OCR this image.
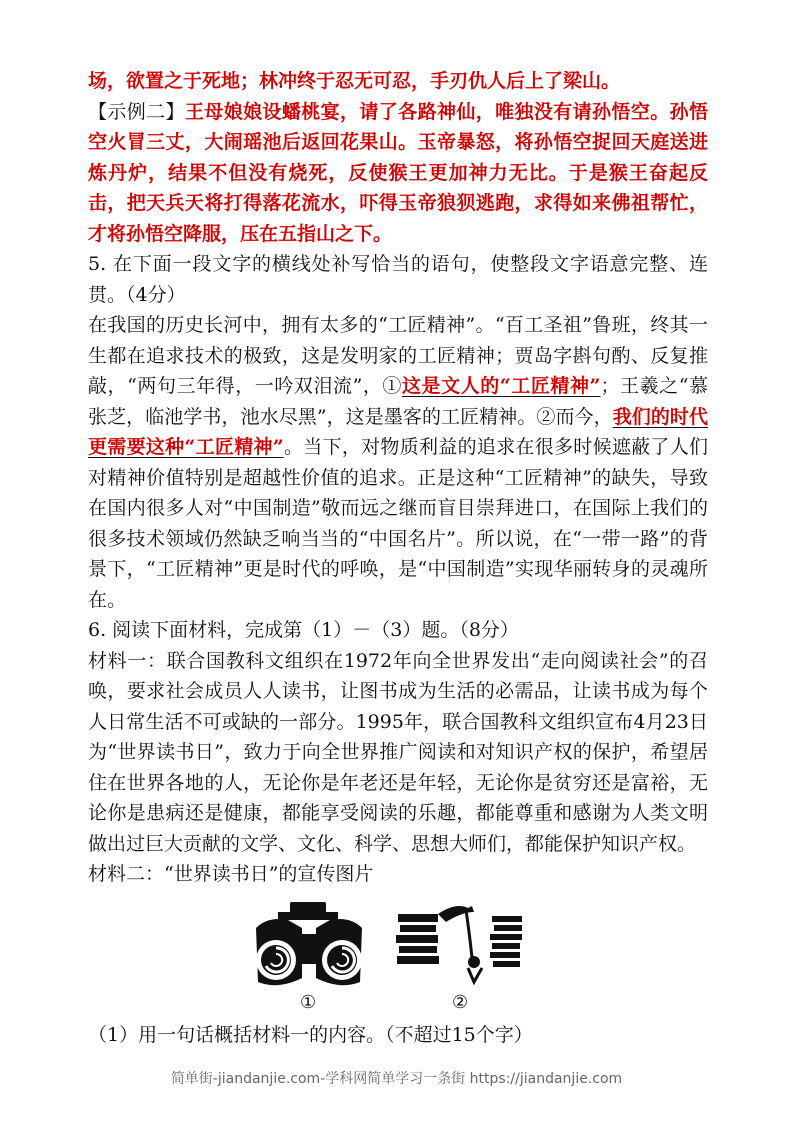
场，欲置之于死地；林冲终于忍无可忍，手刃仇人后上了梁山。

【示例二】王母娘娘设蟠桃宴，请了各路神仙，唯独没有请孙悟空。孙悟空火冒三丈，大闹瑶池后返回花果山。玉帝暴怒，将孙悟空捉回天庭送进炼丹炉，结果不但没有烧死，反使猴王更加神力无比。于是猴王奋起反击，把天兵天将打得落花流水，吓得玉帝狼狈逃跑，求得如来佛祖帮忙，才将孙悟空降服，压在五指山之下。

5. 在下面一段文字的横线处补写恰当的语句，使整段文字语意完整、连贯。（4分）

在我国的历史长河中，拥有太多的“工匠精神”。“百工圣祖”鲁班，终其一生都在追求技术的极致，这是发明家的工匠精神；贾岛字斟句酌、反复推敲，“两句三年得，一吟双泪流”，①这是文人的“工匠精神”；王羲之“慕张芝，临池学书，池水尽黑”，这是墨客的工匠精神。②而今，我们的时代更需要这种“工匠精神”。当下，对物质利益的追求在很多时候遮蔽了人们对精神价值特别是超越性价值的追求。正是这种“工匠精神”的缺失，导致在国内很多人对“中国制造”敬而远之继而盲目崇拜进口，在国际上我们的很多技术领域仍然缺乏响当当的“中国名片”。所以说，在“一带一路”的背景下，“工匠精神”更是时代的呼唤，是“中国制造”实现华丽转身的灵魂所在。

6. 阅读下面材料，完成第（1）－（3）题。（8分）

材料一：联合国教科文组织在1972年向全世界发出“走向阅读社会”的召唤，要求社会成员人人读书，让图书成为生活的必需品，让读书成为每个人日常生活不可或缺的一部分。1995年，联合国教科文组织宣布4月23日为“世界读书日”，致力于向全世界推广阅读和对知识产权的保护，希望居住在世界各地的人，无论你是年老还是年轻，无论你是贫穷还是富裕，无论你是患病还是健康，都能享受阅读的乐趣，都能尊重和感谢为人类文明做出过巨大贡献的文学、文化、科学、思想大师们，都能保护知识产权。

材料二：“世界读书日”的宣传图片

①	②

（1）用一句话概括材料一的内容。（不超过15个字）

简单街-jiandanjie.com-学科网简单学习一条街 https://jiandanjie.com
